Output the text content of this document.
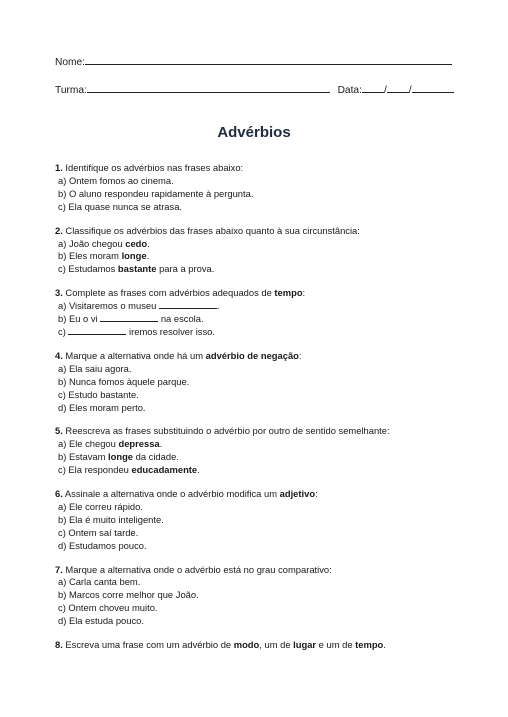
Nome:
Turma:	Data: / /
Advérbios
1. Identifique os advérbios nas frases abaixo:
a) Ontem fomos ao cinema.
b) O aluno respondeu rapidamente à pergunta.
c) Ela quase nunca se atrasa.
2. Classifique os advérbios das frases abaixo quanto à sua circunstância:
a) João chegou cedo.
b) Eles moram longe.
c) Estudamos bastante para a prova.
3. Complete as frases com advérbios adequados de tempo:
a) Visitaremos o museu	.
b) Eu o vi	na escola.
c)	iremos resolver isso.
4. Marque a alternativa onde há um advérbio de negação:
a) Ela saiu agora.
b) Nunca fomos àquele parque.
c) Estudo bastante.
d) Eles moram perto.
5. Reescreva as frases substituindo o advérbio por outro de sentido semelhante:
a) Ele chegou depressa.
b) Estavam longe da cidade.
c) Ela respondeu educadamente.
6. Assinale a alternativa onde o advérbio modifica um adjetivo:
a) Ele correu rápido.
b) Ela é muito inteligente.
c) Ontem saí tarde.
d) Estudamos pouco.
7. Marque a alternativa onde o advérbio está no grau comparativo:
a) Carla canta bem.
b) Marcos corre melhor que João.
c) Ontem choveu muito.
d) Ela estuda pouco.
8. Escreva uma frase com um advérbio de modo, um de lugar e um de tempo.
